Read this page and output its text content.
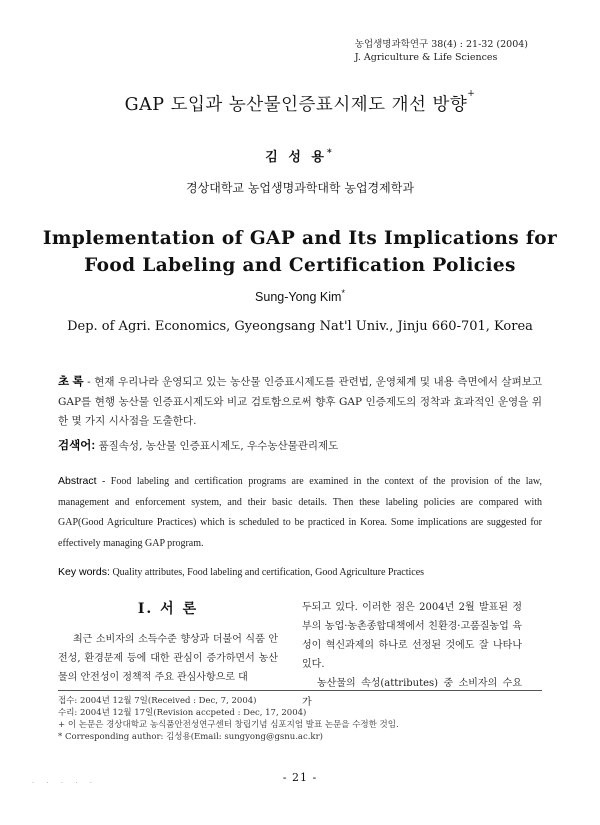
농업생명과학연구 38(4) : 21-32 (2004)
J. Agriculture & Life Sciences
GAP 도입과 농산물인증표시제도 개선 방향+
김 성 용*
경상대학교 농업생명과학대학 농업경제학과
Implementation of GAP and Its Implications for
Food Labeling and Certification Policies
Sung-Yong Kim*
Dep. of Agri. Economics, Gyeongsang Nat'l Univ., Jinju 660-701, Korea
초 록 - 현재 우리나라 운영되고 있는 농산물 인증표시제도를 관련법, 운영체계 및 내용 측면에서 살펴보고 GAP를 현행 농산물 인증표시제도와 비교 검토함으로써 향후 GAP 인증제도의 정착과 효과적인 운영을 위한 몇 가지 시사점을 도출한다.
검색어: 품질속성, 농산물 인증표시제도, 우수농산물관리제도
Abstract - Food labeling and certification programs are examined in the context of the provision of the law, management and enforcement system, and their basic details. Then these labeling policies are compared with GAP(Good Agriculture Practices) which is scheduled to be practiced in Korea. Some implications are suggested for effectively managing GAP program.
Key words: Quality attributes, Food labeling and certification, Good Agriculture Practices
Ⅰ. 서 론

최근 소비자의 소득수준 향상과 더불어 식품 안전성, 환경문제 등에 대한 관심이 증가하면서 농산물의 안전성이 정책적 주요 관심사항으로 대

두되고 있다. 이러한 점은 2004년 2월 발표된 정부의 농업·농촌종합대책에서 친환경·고품질농업 육성이 혁신과제의 하나로 선정된 것에도 잘 나타나 있다.

농산물의 속성(attributes) 중 소비자의 수요가

접수: 2004년 12월 7일(Received : Dec, 7, 2004)
수리: 2004년 12월 17일(Revision accpeted : Dec, 17, 2004)
+ 이 논문은 경상대학교 농식품안전성연구센터 창립기념 심포지엄 발표 논문을 수정한 것임.
* Corresponding author: 김성용(Email: sungyong@gsnu.ac.kr)
· · · · ·	- 21 -
